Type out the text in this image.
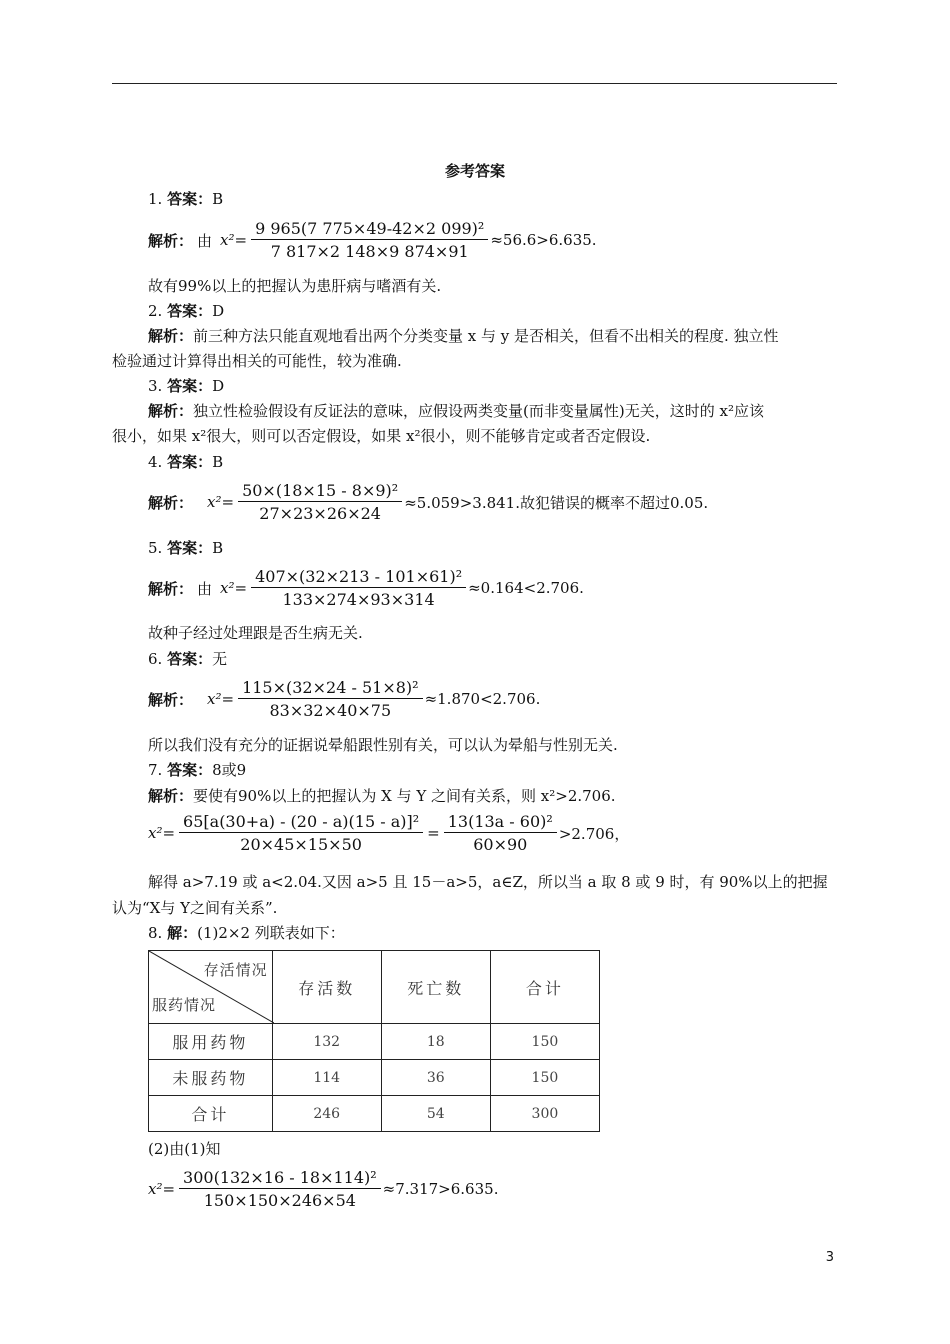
参考答案
1. 答案：B
解析： 由 $x^2= \frac{\text{9 965(7 775×49-42×2 099)²}}{7 817\times 2 148\times 9 874\times 91} \approx 56.6>6.635$.
故有99%以上的把握认为患肝病与嗜酒有关.
2. 答案：D
解析：前三种方法只能直观地看出两个分类变量 x 与 y 是否相关，但看不出相关的程度. 独立性
检验通过计算得出相关的可能性，较为准确.
3. 答案：D
解析：独立性检验假设有反证法的意味，应假设两类变量(而非变量属性)无关，这时的 x²应该
很小，如果 x²很大，则可以否定假设，如果 x²很小，则不能够肯定或者否定假设.
4. 答案：B
解析： $x^2= \frac{\text{50×(18×15 - 8×9)²}}{27\times 23\times 26\times 24} \approx 5.059>3.841$.故犯错误的概率不超过0.05.
5. 答案：B
解析： 由 $x^2= \frac{\text{407×(32×213 - 101×61)²}}{133\times 274\times 93\times 314} \approx 0.164<2.706$.
故种子经过处理跟是否生病无关.
6. 答案：无
解析： $x^2= \frac{\text{115×(32×24 - 51×8)²}}{83\times 32\times 40\times 75} \approx 1.870<2.706$.
所以我们没有充分的证据说晕船跟性别有关，可以认为晕船与性别无关.
7. 答案：8或9
解析：要使有90%以上的把握认为 X 与 Y 之间有关系，则 x²>2.706.
$x^2= \frac{\text{65[a(30+a) - (20 - a)(15 - a)]²}}{20\times 45\times 15\times 50} = \frac{\text{13(13a - 60)²}}{60\times 90} >2.706$，
解得 a>7.19 或 a<2.04.又因 a>5 且 15－a>5，a∈Z，所以当 a 取 8 或 9 时，有 90%以上的把握
认为“X与 Y之间有关系”.
8. 解：(1)2×2 列联表如下：
存活情况
服药情况	存活数	死亡数	合计
服用药物	132	18	150
未服药物	114	36	150
合计	246	54	300
(2)由(1)知
$x^2= \frac{\text{300(132×16 - 18×114)²}}{150\times 150\times 246\times 54} \approx 7.317>6.635$.
3
